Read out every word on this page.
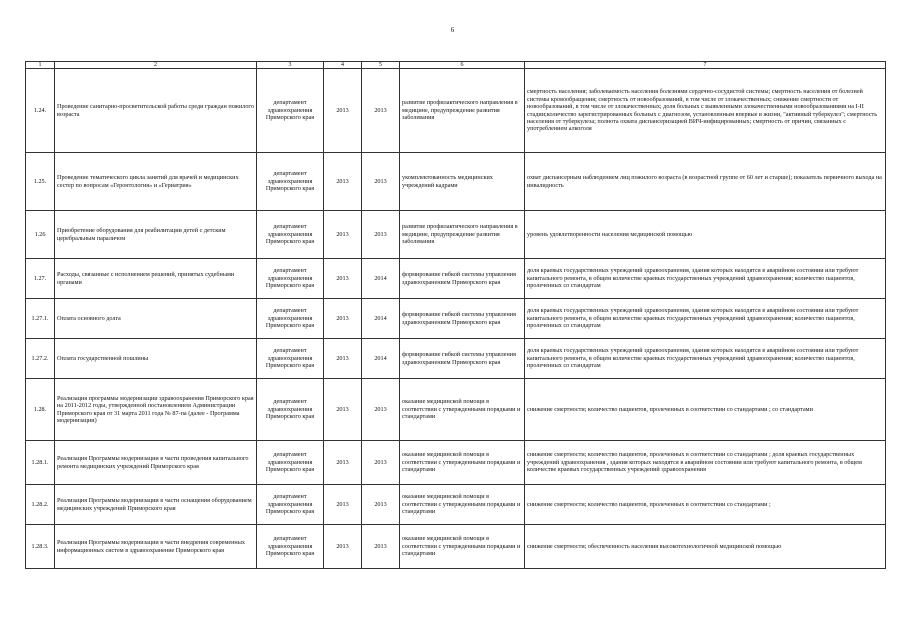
6
1	2	3	4	5	6	7
1.24.	Проведение санитарно-просветительской работы среди граждан пожилого возраста	департамент здравоохранения Приморского края	2013	2013	развитие профилактического направления в медицине, предупреждение развития заболевания	смертность населения; заболеваемость населения болезнями сердечно-сосудистой системы; смертность населения от болезней системы кровообращения; смертность от новообразований, в том числе от злокачественных; снижение смертности от новообразований, в том числе от злокачественных; доля больных с выявленными злокачественными новообразованиями на I-II стадии;количество зарегистрированных больных с диагнозом, установленным впервые в жизни, "активный туберкулез"; смертность населения от туберкулеза; полнота охвата диспансеризацией ВИЧ-инфицированных; смертность от причин, связанных с употреблением алкоголя
1.25.	Проведение тематического цикла занятий для врачей и медицинских сестер по вопросам «Геронтология» и «Гериатрия»	департамент здравоохранения Приморского края	2013	2013	укомплектованность медицинских учреждений кадрами	охват диспансерным наблюдением лиц пожилого возраста (в возрастной группе от 60 лет и старше); показатель первичного выхода на инвалидность
1.26	Приобретение оборудования для реабилитации детей с детским церебральным параличом	департамент здравоохранения Приморского края	2013	2013	развитие профилактического направления в медицине, предупреждение развития заболевания	уровень удовлетворенности населения медицинской помощью
1.27.	Расходы, связанные с исполнением решений, принятых судебными органами	департамент здравоохранения Приморского края	2013	2014	формирование гибкой системы управления здравоохранением Приморского края	доля краевых государственных учреждений здравоохранения, здания которых находятся в аварийном состоянии или требуют капитального ремонта, в общем количестве краевых государственных учреждений здравоохранения; количество пациентов, пролеченных со стандартам
1.27.1.	Оплата основного долга	департамент здравоохранения Приморского края	2013	2014	формирование гибкой системы управления здравоохранением Приморского края	доля краевых государственных учреждений здравоохранения, здания которых находятся в аварийном состоянии или требуют капитального ремонта, в общем количестве краевых государственных учреждений здравоохранения; количество пациентов, пролеченных со стандартам
1.27.2.	Оплата государственной пошлины	департамент здравоохранения Приморского края	2013	2014	формирование гибкой системы управления здравоохранением Приморского края	доля краевых государственных учреждений здравоохранения, здания которых находятся в аварийном состоянии или требуют капитального ремонта, в общем количестве краевых государственных учреждений здравоохранения; количество пациентов, пролеченных со стандартам
1.28.	Реализация программы модернизации здравоохранения Приморского края на 2011-2012 годы, утвержденной постановлением Администрации Приморского края от 31 марта 2011 года № 87-па (далее - Программа модернизации)	департамент здравоохранения Приморского края	2013	2013	оказание медицинской помощи в соответствии с утвержденными порядками и стандартами	снижение смертности; количество пациентов, пролеченных в соответствии со стандартами ; со стандартами
1.28.1.	Реализация Программы модернизации в части проведения капитального ремонта медицинских учреждений Приморского края	департамент здравоохранения Приморского края	2013	2013	оказание медицинской помощи в соответствии с утвержденными порядками и стандартами	снижение смертности; количество пациентов, пролеченных в соответствии со стандартами ; доля краевых государственных учреждений здравоохранения , здания которых находятся в аварийном состоянии или требуют капитального ремонта, в общем количестве краевых государственных учреждений здравоохранения
1.28.2.	Реализация Программы модернизации в части оснащения оборудованием медицинских учреждений Приморского края	департамент здравоохранения Приморского края	2013	2013	оказание медицинской помощи в соответствии с утвержденными порядками и стандартами	снижение смертности; количество пациентов, пролеченных в соответствии со стандартами ;
1.28.3.	Реализация Программы модернизации в части внедрения современных информационных систем в здравоохранение Приморского края	департамент здравоохранения Приморского края	2013	2013	оказание медицинской помощи в соответствии с утвержденными порядками и стандартами	снижение смертности; обеспеченность населения высокотехнологичной медицинской помощью
